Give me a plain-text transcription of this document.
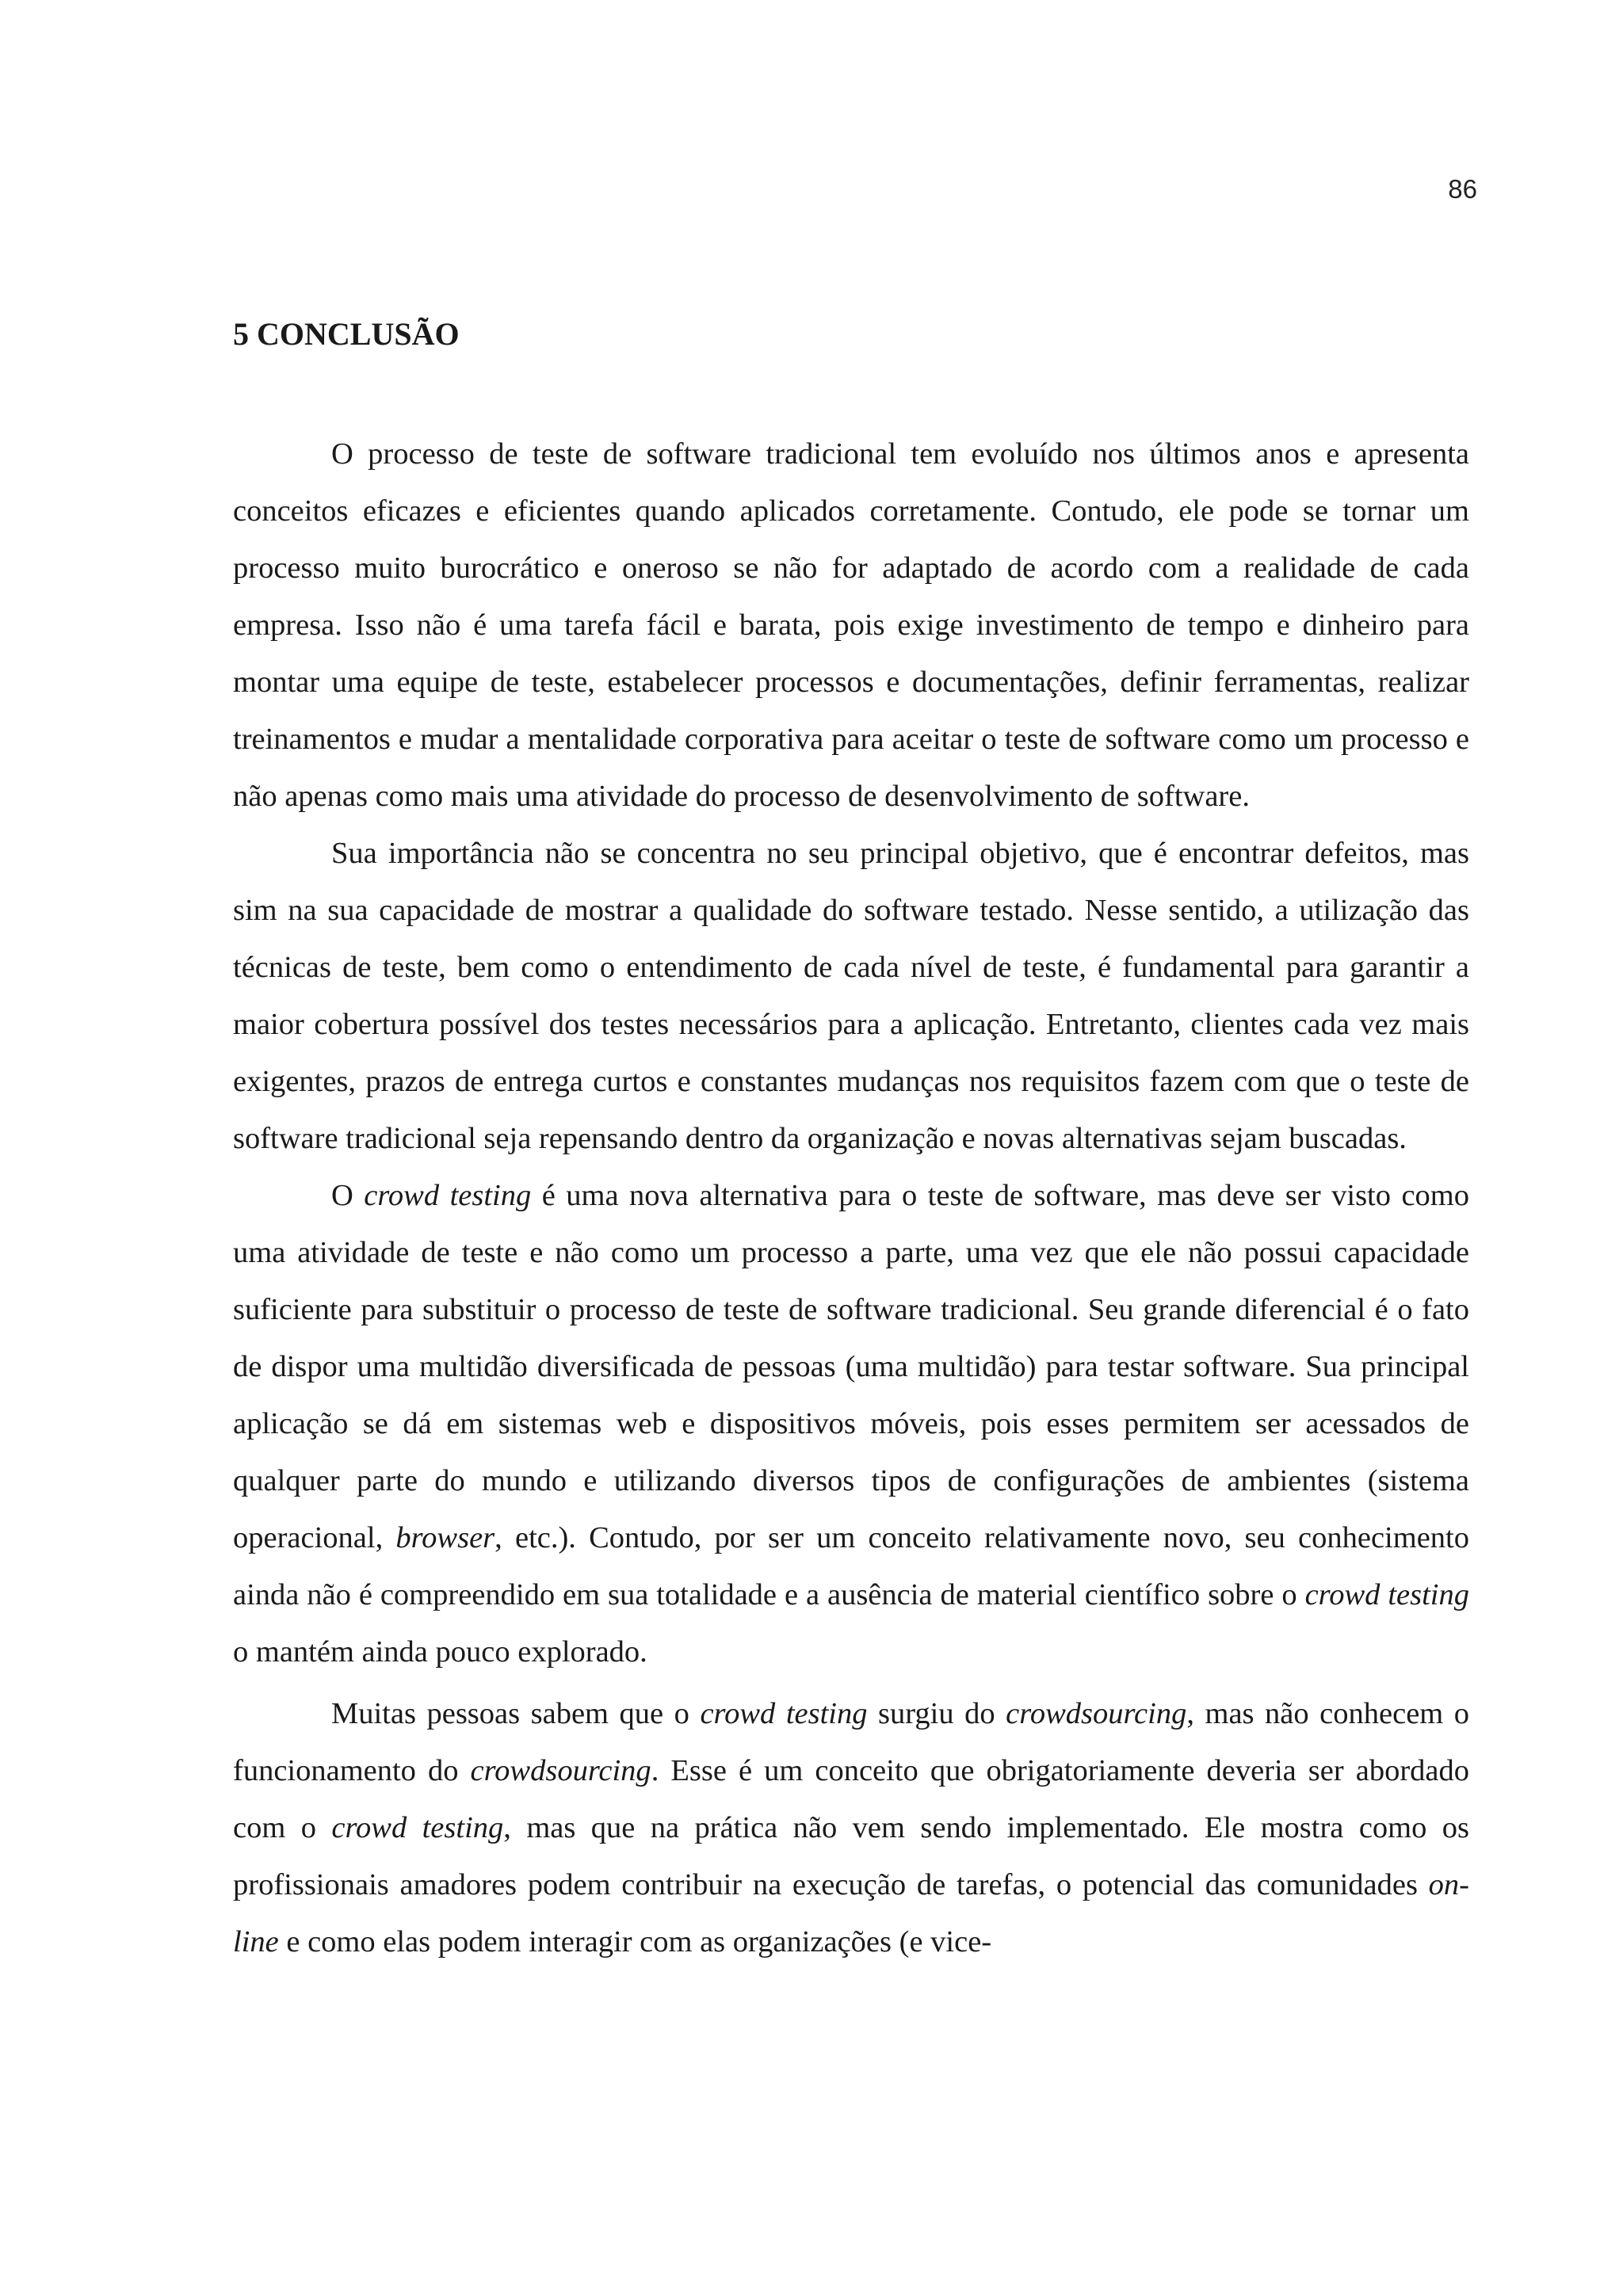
86
5 CONCLUSÃO

O processo de teste de software tradicional tem evoluído nos últimos anos e apresenta conceitos eficazes e eficientes quando aplicados corretamente. Contudo, ele pode se tornar um processo muito burocrático e oneroso se não for adaptado de acordo com a realidade de cada empresa. Isso não é uma tarefa fácil e barata, pois exige investimento de tempo e dinheiro para montar uma equipe de teste, estabelecer processos e documentações, definir ferramentas, realizar treinamentos e mudar a mentalidade corporativa para aceitar o teste de software como um processo e não apenas como mais uma atividade do processo de desenvolvimento de software.

Sua importância não se concentra no seu principal objetivo, que é encontrar defeitos, mas sim na sua capacidade de mostrar a qualidade do software testado. Nesse sentido, a utilização das técnicas de teste, bem como o entendimento de cada nível de teste, é fundamental para garantir a maior cobertura possível dos testes necessários para a aplicação. Entretanto, clientes cada vez mais exigentes, prazos de entrega curtos e constantes mudanças nos requisitos fazem com que o teste de software tradicional seja repensando dentro da organização e novas alternativas sejam buscadas.

O crowd testing é uma nova alternativa para o teste de software, mas deve ser visto como uma atividade de teste e não como um processo a parte, uma vez que ele não possui capacidade suficiente para substituir o processo de teste de software tradicional. Seu grande diferencial é o fato de dispor uma multidão diversificada de pessoas (uma multidão) para testar software. Sua principal aplicação se dá em sistemas web e dispositivos móveis, pois esses permitem ser acessados de qualquer parte do mundo e utilizando diversos tipos de configurações de ambientes (sistema operacional, browser, etc.). Contudo, por ser um conceito relativamente novo, seu conhecimento ainda não é compreendido em sua totalidade e a ausência de material científico sobre o crowd testing o mantém ainda pouco explorado.

Muitas pessoas sabem que o crowd testing surgiu do crowdsourcing, mas não conhecem o funcionamento do crowdsourcing. Esse é um conceito que obrigatoriamente deveria ser abordado com o crowd testing, mas que na prática não vem sendo implementado. Ele mostra como os profissionais amadores podem contribuir na execução de tarefas, o potencial das comunidades on-line e como elas podem interagir com as organizações (e vice-
